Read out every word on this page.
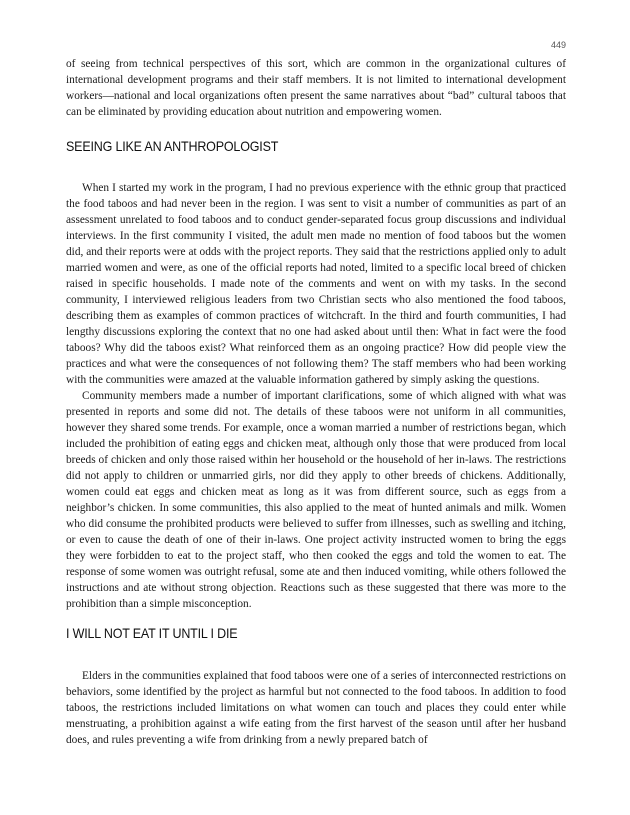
449

of seeing from technical perspectives of this sort, which are common in the organizational cultures of international development programs and their staff members. It is not limited to international development workers—national and local organizations often present the same narratives about “bad” cultural taboos that can be eliminated by providing education about nutrition and empowering women.

SEEING LIKE AN ANTHROPOLOGIST

When I started my work in the program, I had no previous experience with the ethnic group that practiced the food taboos and had never been in the region. I was sent to visit a number of communities as part of an assessment unrelated to food taboos and to conduct gender-separated focus group discussions and individual interviews. In the first community I visited, the adult men made no mention of food taboos but the women did, and their reports were at odds with the project reports. They said that the restrictions applied only to adult married women and were, as one of the official reports had noted, limited to a specific local breed of chicken raised in specific households. I made note of the comments and went on with my tasks. In the second community, I interviewed religious leaders from two Christian sects who also mentioned the food taboos, describing them as examples of common practices of witchcraft. In the third and fourth communities, I had lengthy discussions exploring the context that no one had asked about until then: What in fact were the food taboos? Why did the taboos exist? What reinforced them as an ongoing practice? How did people view the practices and what were the consequences of not following them? The staff members who had been working with the communities were amazed at the valuable information gathered by simply asking the questions.

Community members made a number of important clarifications, some of which aligned with what was presented in reports and some did not. The details of these taboos were not uniform in all communities, however they shared some trends. For example, once a woman married a number of restrictions began, which included the prohibition of eating eggs and chicken meat, although only those that were produced from local breeds of chicken and only those raised within her household or the household of her in-laws. The restrictions did not apply to children or unmarried girls, nor did they apply to other breeds of chickens. Additionally, women could eat eggs and chicken meat as long as it was from different source, such as eggs from a neighbor’s chicken. In some communities, this also applied to the meat of hunted animals and milk. Women who did consume the prohibited products were believed to suffer from illnesses, such as swelling and itching, or even to cause the death of one of their in-laws. One project activity instructed women to bring the eggs they were forbidden to eat to the project staff, who then cooked the eggs and told the women to eat. The response of some women was outright refusal, some ate and then induced vomiting, while others followed the instructions and ate without strong objection. Reactions such as these suggested that there was more to the prohibition than a simple misconception.

I WILL NOT EAT IT UNTIL I DIE

Elders in the communities explained that food taboos were one of a series of interconnected restrictions on behaviors, some identified by the project as harmful but not connected to the food taboos. In addition to food taboos, the restrictions included limitations on what women can touch and places they could enter while menstruating, a prohibition against a wife eating from the first harvest of the season until after her husband does, and rules preventing a wife from drinking from a newly prepared batch of
